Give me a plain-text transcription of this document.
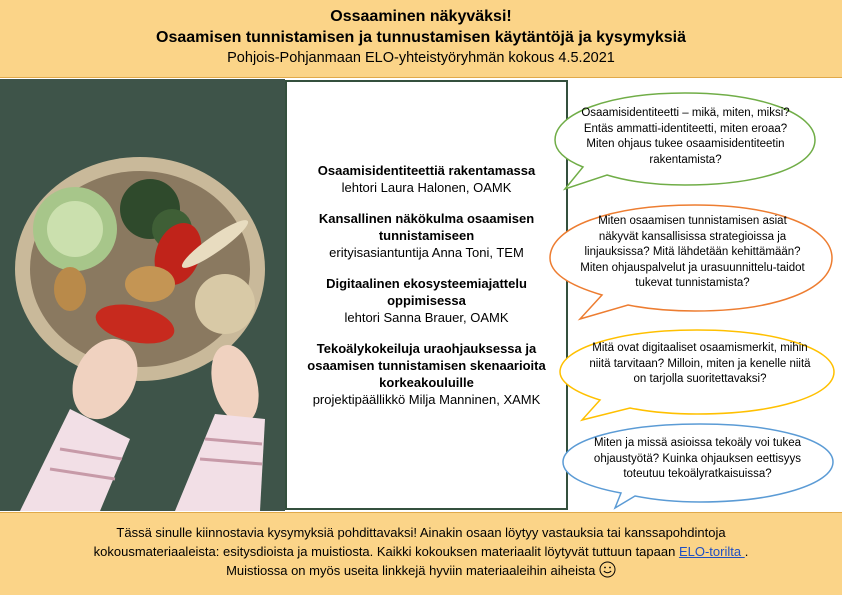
Ossaaminen näkyväksi!
Osaamisen tunnistamisen ja tunnustamisen käytäntöjä ja kysymyksiä
Pohjois-Pohjanmaan ELO-yhteistyöryhmän kokous 4.5.2021
Osaamisidentiteettiä rakentamassa
lehtori Laura Halonen, OAMK
Kansallinen näkökulma osaamisen tunnistamiseen
erityisasiantuntija Anna Toni, TEM
Digitaalinen ekosysteemiajattelu oppimisessa
lehtori Sanna Brauer, OAMK
Tekoälykokeiluja uraohjauksessa ja osaamisen tunnistamisen skenaarioita korkeakouluille
projektipäällikkö Milja Manninen, XAMK
Osaamisidentiteetti – mikä, miten, miksi? Entäs ammatti-identiteetti, miten eroaa? Miten ohjaus tukee osaamisidentiteetin rakentamista?
Miten osaamisen tunnistamisen asiat näkyvät kansallisissa strategioissa ja linjauksissa? Mitä lähdetään kehittämään? Miten ohjauspalvelut ja urasuunnittelu-taidot tukevat tunnistamista?
Mitä ovat digitaaliset osaamismerkit, mihin niitä tarvitaan? Milloin, miten ja kenelle niitä on tarjolla suoritettavaksi?
Miten ja missä asioissa tekoäly voi tukea ohjaustyötä? Kuinka ohjauksen eettisyys toteutuu tekoälyratkaisuissa?
Tässä sinulle kiinnostavia kysymyksiä pohdittavaksi! Ainakin osaan löytyy vastauksia tai kanssapohdintoja
kokousmateriaaleista: esitysdioista ja muistiosta. Kaikki kokouksen materiaalit löytyvät tuttuun tapaan ELO-torilta .
Muistiossa on myös useita linkkejä hyviin materiaaleihin aiheista
